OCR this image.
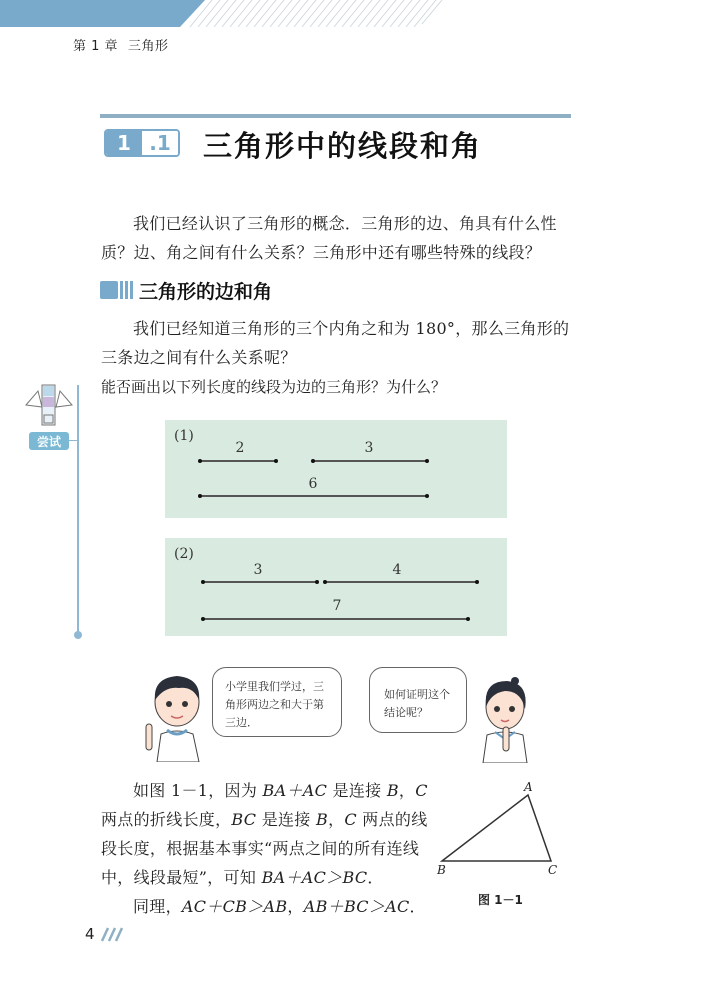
第 1 章 三角形
1 .1 三角形中的线段和角
我们已经认识了三角形的概念．三角形的边、角具有什么性质？边、角之间有什么关系？三角形中还有哪些特殊的线段？
三角形的边和角
我们已经知道三角形的三个内角之和为 180°，那么三角形的三条边之间有什么关系呢？
尝试
能否画出以下列长度的线段为边的三角形？为什么？
(1)
2	3
6
(2)
3	4
7
小学里我们学过，三角形两边之和大于第三边．
如何证明这个结论呢？
如图 1－1，因为 BA＋AC 是连接 B，C
两点的折线长度，BC 是连接 B，C 两点的线
段长度，根据基本事实“两点之间的所有连线
中，线段最短”，可知 BA＋AC＞BC．
同理，AC＋CB＞AB，AB＋BC＞AC．
A
B	C
图 1－1
4
